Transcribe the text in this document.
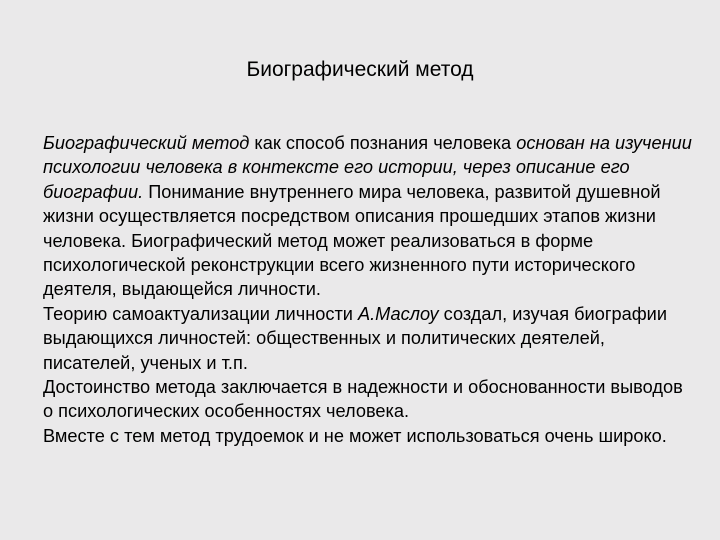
Биографический метод

Биографический метод как способ познания человека основан на изучении психологии человека в контексте его истории, через описание его биографии. Понимание внутреннего мира человека, развитой душевной жизни осуществляется посредством описания прошедших этапов жизни человека. Биографический метод может реализоваться в форме психологической реконструкции всего жизненного пути исторического деятеля, выдающейся личности.

Теорию самоактуализации личности А.Маслоу создал, изучая биографии выдающихся личностей: общественных и политических деятелей, писателей, ученых и т.п.

Достоинство метода заключается в надежности и обоснованности выводов о психологических особенностях человека.

Вместе с тем метод трудоемок и не может использоваться очень широко.
